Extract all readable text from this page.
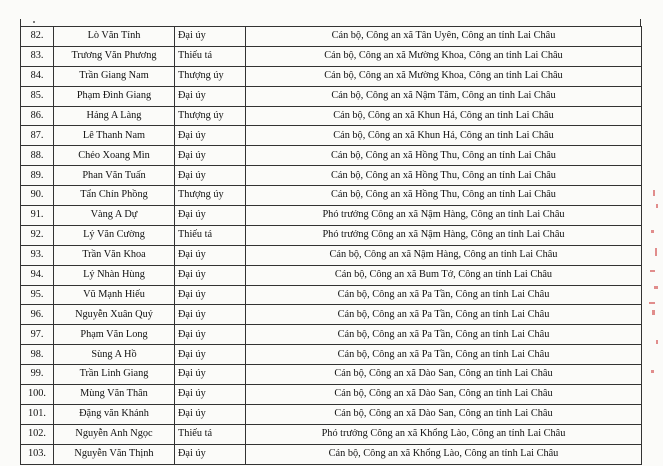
82.	Lò Văn Tỉnh	Đại úy	Cán bộ, Công an xã Tân Uyên, Công an tỉnh Lai Châu
83.	Trương Văn Phương	Thiếu tá	Cán bộ, Công an xã Mường Khoa, Công an tỉnh Lai Châu
84.	Trần Giang Nam	Thượng úy	Cán bộ, Công an xã Mường Khoa, Công an tỉnh Lai Châu
85.	Phạm Đình Giang	Đại úy	Cán bộ, Công an xã Nậm Tăm, Công an tỉnh Lai Châu
86.	Hảng A Làng	Thượng úy	Cán bộ, Công an xã Khun Há, Công an tỉnh Lai Châu
87.	Lê Thanh Nam	Đại úy	Cán bộ, Công an xã Khun Há, Công an tỉnh Lai Châu
88.	Chẻo Xoang Mìn	Đại úy	Cán bộ, Công an xã Hồng Thu, Công an tỉnh Lai Châu
89.	Phan Văn Tuấn	Đại úy	Cán bộ, Công an xã Hồng Thu, Công an tỉnh Lai Châu
90.	Tẩn Chín Phồng	Thượng úy	Cán bộ, Công an xã Hồng Thu, Công an tỉnh Lai Châu
91.	Vàng A Dự	Đại úy	Phó trưởng Công an xã Nậm Hàng, Công an tỉnh Lai Châu
92.	Lý Văn Cường	Thiếu tá	Phó trưởng Công an xã Nậm Hàng, Công an tỉnh Lai Châu
93.	Trần Văn Khoa	Đại úy	Cán bộ, Công an xã Nậm Hàng, Công an tỉnh Lai Châu
94.	Lý Nhàn Hùng	Đại úy	Cán bộ, Công an xã Bum Tở, Công an tỉnh Lai Châu
95.	Vũ Mạnh Hiếu	Đại úy	Cán bộ, Công an xã Pa Tần, Công an tỉnh Lai Châu
96.	Nguyễn Xuân Quý	Đại úy	Cán bộ, Công an xã Pa Tần, Công an tỉnh Lai Châu
97.	Phạm Văn Long	Đại úy	Cán bộ, Công an xã Pa Tần, Công an tỉnh Lai Châu
98.	Sùng A Hồ	Đại úy	Cán bộ, Công an xã Pa Tần, Công an tỉnh Lai Châu
99.	Trần Linh Giang	Đại úy	Cán bộ, Công an xã Dào San, Công an tỉnh Lai Châu
100.	Mùng Văn Thân	Đại úy	Cán bộ, Công an xã Dào San, Công an tỉnh Lai Châu
101.	Đặng văn Khánh	Đại úy	Cán bộ, Công an xã Dào San, Công an tỉnh Lai Châu
102.	Nguyễn Anh Ngọc	Thiếu tá	Phó trưởng Công an xã Khổng Lào, Công an tỉnh Lai Châu
103.	Nguyễn Văn Thịnh	Đại úy	Cán bộ, Công an xã Khổng Lào, Công an tỉnh Lai Châu
